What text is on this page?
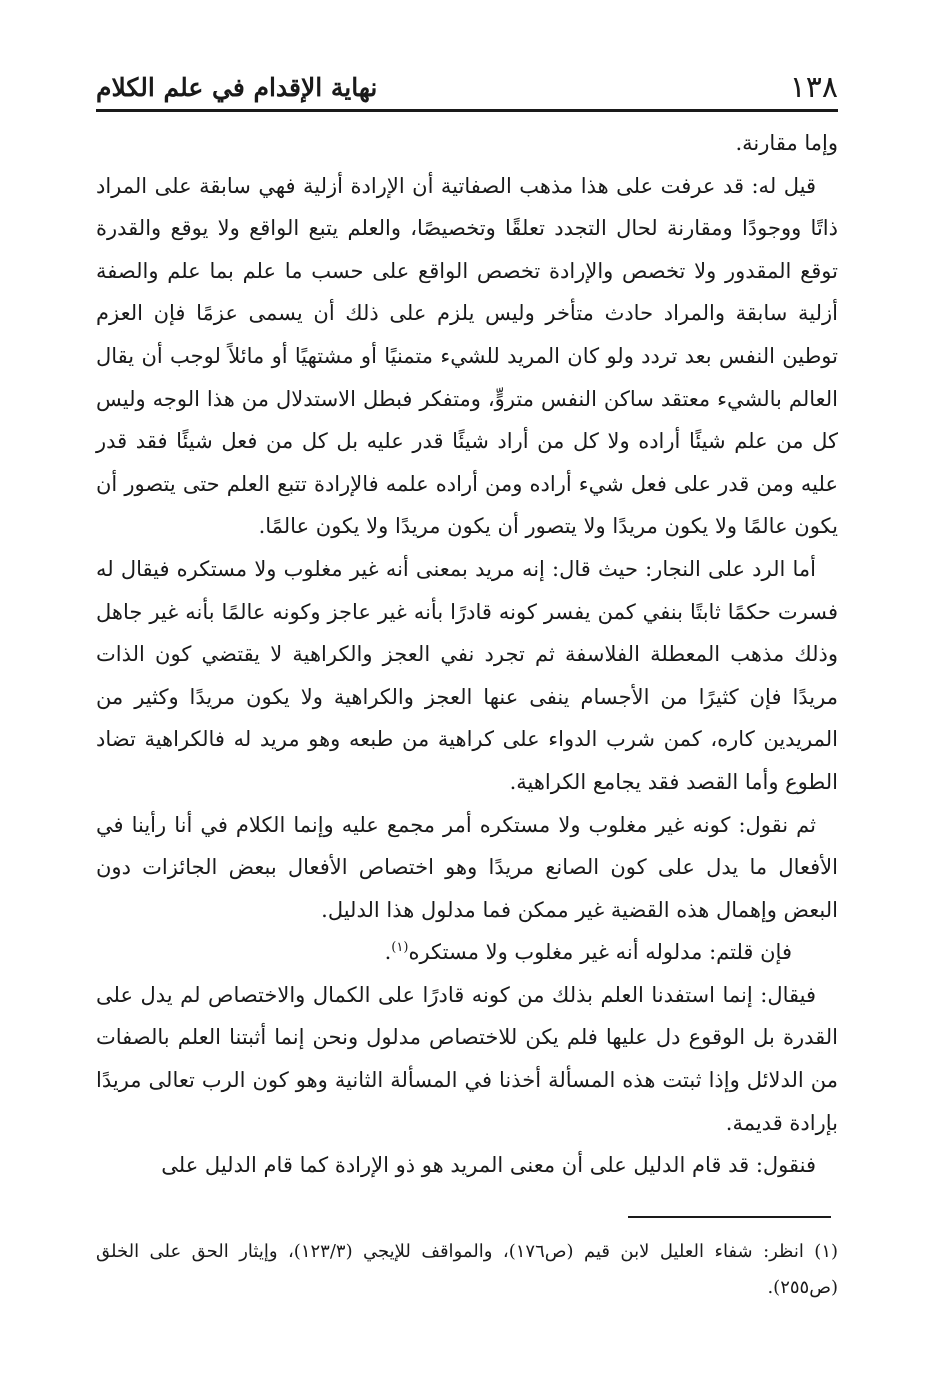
١٣٨
نهاية الإقدام في علم الكلام

وإما مقارنة.

قيل له: قد عرفت على هذا مذهب الصفاتية أن الإرادة أزلية فهي سابقة على المراد ذاتًا ووجودًا ومقارنة لحال التجدد تعلقًا وتخصيصًا، والعلم يتبع الواقع ولا يوقع والقدرة توقع المقدور ولا تخصص والإرادة تخصص الواقع على حسب ما علم بما علم والصفة أزلية سابقة والمراد حادث متأخر وليس يلزم على ذلك أن يسمى عزمًا فإن العزم توطين النفس بعد تردد ولو كان المريد للشيء متمنيًا أو مشتهيًا أو مائلاً لوجب أن يقال العالم بالشيء معتقد ساكن النفس متروٍّ، ومتفكر فبطل الاستدلال من هذا الوجه وليس كل من علم شيئًا أراده ولا كل من أراد شيئًا قدر عليه بل كل من فعل شيئًا فقد قدر عليه ومن قدر على فعل شيء أراده ومن أراده علمه فالإرادة تتبع العلم حتى يتصور أن يكون عالمًا ولا يكون مريدًا ولا يتصور أن يكون مريدًا ولا يكون عالمًا.

أما الرد على النجار: حيث قال: إنه مريد بمعنى أنه غير مغلوب ولا مستكره فيقال له فسرت حكمًا ثابتًا بنفي كمن يفسر كونه قادرًا بأنه غير عاجز وكونه عالمًا بأنه غير جاهل وذلك مذهب المعطلة الفلاسفة ثم تجرد نفي العجز والكراهية لا يقتضي كون الذات مريدًا فإن كثيرًا من الأجسام ينفى عنها العجز والكراهية ولا يكون مريدًا وكثير من المريدين كاره، كمن شرب الدواء على كراهية من طبعه وهو مريد له فالكراهية تضاد الطوع وأما القصد فقد يجامع الكراهية.

ثم نقول: كونه غير مغلوب ولا مستكره أمر مجمع عليه وإنما الكلام في أنا رأينا في الأفعال ما يدل على كون الصانع مريدًا وهو اختصاص الأفعال ببعض الجائزات دون البعض وإهمال هذه القضية غير ممكن فما مدلول هذا الدليل.

فإن قلتم: مدلوله أنه غير مغلوب ولا مستكره$^{(١)}$.

فيقال: إنما استفدنا العلم بذلك من كونه قادرًا على الكمال والاختصاص لم يدل على القدرة بل الوقوع دل عليها فلم يكن للاختصاص مدلول ونحن إنما أثبتنا العلم بالصفات من الدلائل وإذا ثبتت هذه المسألة أخذنا في المسألة الثانية وهو كون الرب تعالى مريدًا بإرادة قديمة.

فنقول: قد قام الدليل على أن معنى المريد هو ذو الإرادة كما قام الدليل على

(١) انظر: شفاء العليل لابن قيم (ص١٧٦)، والمواقف للإيجي (١٢٣/٣)، وإيثار الحق على الخلق (ص٢٥٥).
